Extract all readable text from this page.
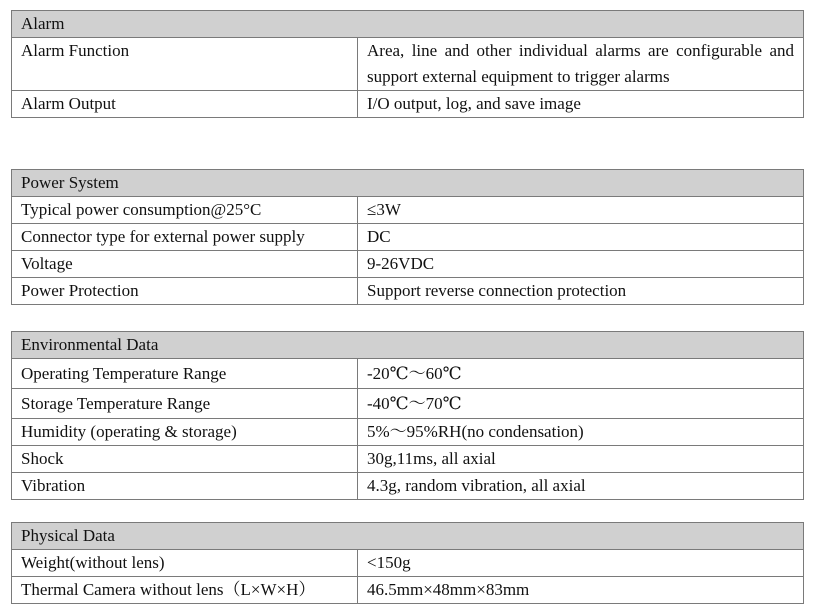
Alarm	
Alarm Function	Area, line and other individual alarms are configurable and support external equipment to trigger alarms
Alarm Output	I/O output, log, and save image
Power System	
Typical power consumption@25°C	≤3W
Connector type for external power supply	DC
Voltage	9-26VDC
Power Protection	Support reverse connection protection
Environmental Data	
Operating Temperature Range	-20℃～60℃
Storage Temperature Range	-40℃～70℃
Humidity (operating & storage)	5%～95%RH(no condensation)
Shock	30g,11ms, all axial
Vibration	4.3g, random vibration, all axial
Physical Data	
Weight(without lens)	<150g
Thermal Camera without lens（L×W×H）	46.5mm×48mm×83mm
